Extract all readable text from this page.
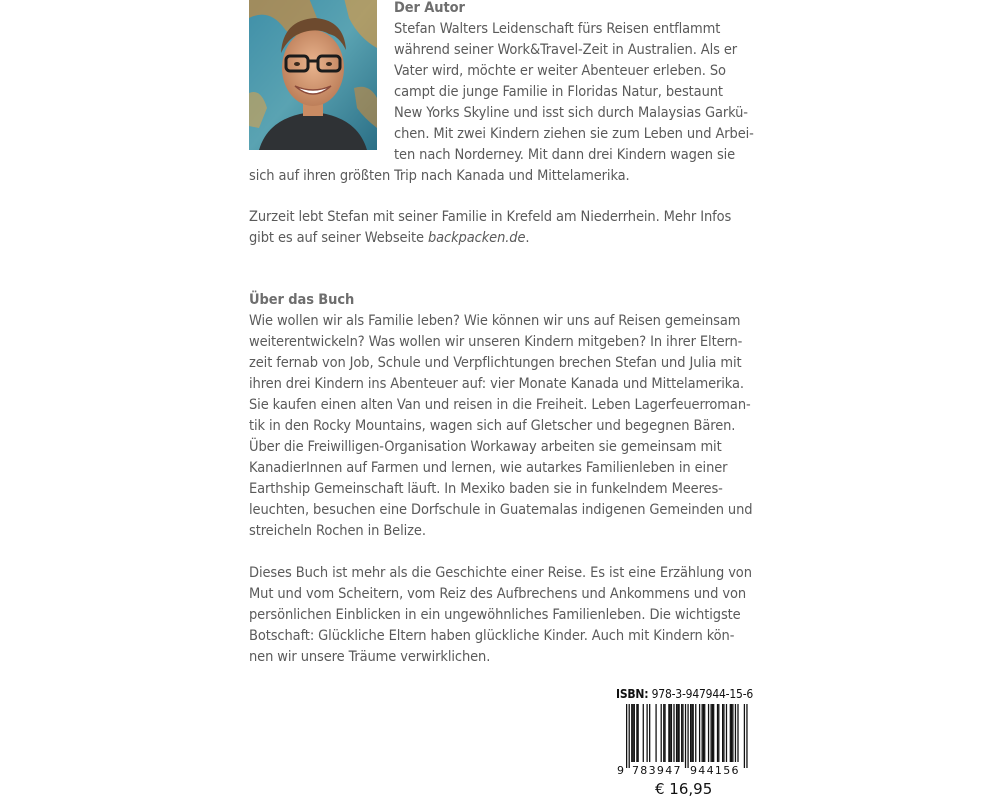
Der Autor
Stefan Walters Leidenschaft fürs Reisen entflammt
während seiner Work&Travel-Zeit in Australien. Als er
Vater wird, möchte er weiter Abenteuer erleben. So
campt die junge Familie in Floridas Natur, bestaunt
New Yorks Skyline und isst sich durch Malaysias Garkü-
chen. Mit zwei Kindern ziehen sie zum Leben und Arbei-
ten nach Norderney. Mit dann drei Kindern wagen sie
sich auf ihren größten Trip nach Kanada und Mittelamerika.
Zurzeit lebt Stefan mit seiner Familie in Krefeld am Niederrhein. Mehr Infos
gibt es auf seiner Webseite backpacken.de.
Über das Buch
Wie wollen wir als Familie leben? Wie können wir uns auf Reisen gemeinsam
weiterentwickeln? Was wollen wir unseren Kindern mitgeben? In ihrer Eltern-
zeit fernab von Job, Schule und Verpflichtungen brechen Stefan und Julia mit
ihren drei Kindern ins Abenteuer auf: vier Monate Kanada und Mittelamerika.
Sie kaufen einen alten Van und reisen in die Freiheit. Leben Lagerfeuerroman-
tik in den Rocky Mountains, wagen sich auf Gletscher und begegnen Bären.
Über die Freiwilligen-Organisation Workaway arbeiten sie gemeinsam mit
KanadierInnen auf Farmen und lernen, wie autarkes Familienleben in einer
Earthship Gemeinschaft läuft. In Mexiko baden sie in funkelndem Meeres-
leuchten, besuchen eine Dorfschule in Guatemalas indigenen Gemeinden und
streicheln Rochen in Belize.
Dieses Buch ist mehr als die Geschichte einer Reise. Es ist eine Erzählung von
Mut und vom Scheitern, vom Reiz des Aufbrechens und Ankommens und von
persönlichen Einblicken in ein ungewöhnliches Familienleben. Die wichtigste
Botschaft: Glückliche Eltern haben glückliche Kinder. Auch mit Kindern kön-
nen wir unsere Träume verwirklichen.
ISBN: 978-3-947944-15-6
9 783947 944156
€ 16,95
